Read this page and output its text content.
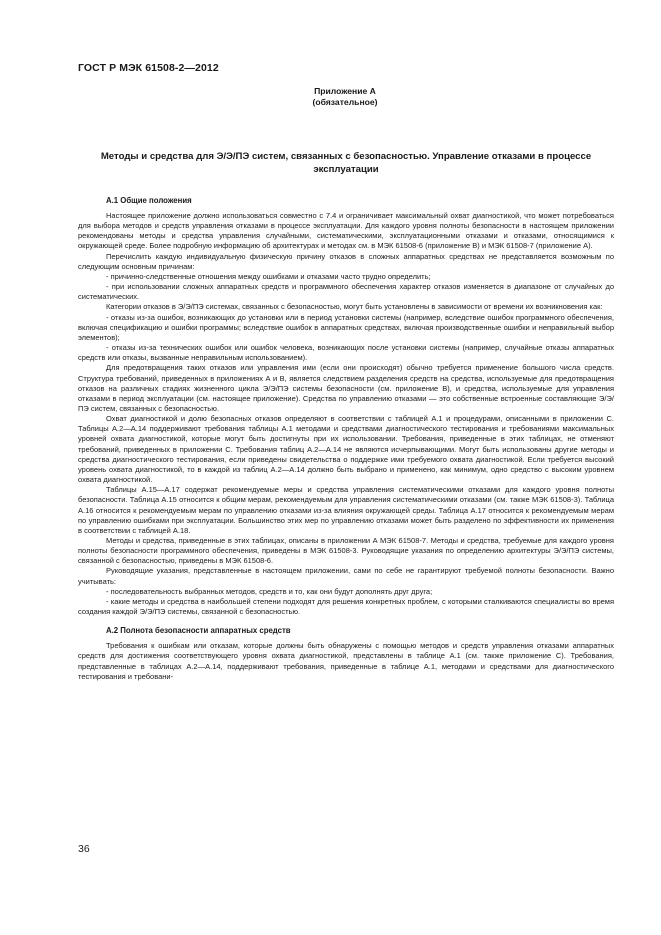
ГОСТ Р МЭК 61508-2—2012
Приложение А
(обязательное)
Методы и средства для Э/Э/ПЭ систем, связанных с безопасностью. Управление отказами в процессе эксплуатации
А.1 Общие положения

Настоящее приложение должно использоваться совместно с 7.4 и ограничивает максимальный охват диагностикой, что может потребоваться для выбора методов и средств управления отказами в процессе эксплуатации. Для каждого уровня полноты безопасности в настоящем приложении рекомендованы методы и средства управления случайными, систематическими, эксплуатационными отказами и отказами, относящимися к окружающей среде. Более подробную информацию об архитектурах и методах см. в МЭК 61508-6 (приложение В) и МЭК 61508-7 (приложение А).

Перечислить каждую индивидуальную физическую причину отказов в сложных аппаратных средствах не представляется возможным по следующим основным причинам:

- причинно-следственные отношения между ошибками и отказами часто трудно определить;

- при использовании сложных аппаратных средств и программного обеспечения характер отказов изменяется в диапазоне от случайных до систематических.

Категории отказов в Э/Э/ПЭ системах, связанных с безопасностью, могут быть установлены в зависимости от времени их возникновения как:

- отказы из-за ошибок, возникающих до установки или в период установки системы (например, вследствие ошибок программного обеспечения, включая спецификацию и ошибки программы; вследствие ошибок в аппаратных средствах, включая производственные ошибки и неправильный выбор элементов);

- отказы из-за технических ошибок или ошибок человека, возникающих после установки системы (например, случайные отказы аппаратных средств или отказы, вызванные неправильным использованием).

Для предотвращения таких отказов или управления ими (если они происходят) обычно требуется применение большого числа средств. Структура требований, приведенных в приложениях А и В, является следствием разделения средств на средства, используемые для предотвращения отказов на различных стадиях жизненного цикла Э/Э/ПЭ системы безопасности (см. приложение В), и средства, используемые для управления отказами в период эксплуатации (см. настоящее приложение). Средства по управлению отказами — это собственные встроенные составляющие Э/Э/ПЭ систем, связанных с безопасностью.

Охват диагностикой и долю безопасных отказов определяют в соответствии с таблицей А.1 и процедурами, описанными в приложении С. Таблицы А.2—А.14 поддерживают требования таблицы А.1 методами и средствами диагностического тестирования и требованиями максимальных уровней охвата диагностикой, которые могут быть достигнуты при их использовании. Требования, приведенные в этих таблицах, не отменяют требований, приведенных в приложении С. Требования таблиц А.2—А.14 не являются исчерпывающими. Могут быть использованы другие методы и средства диагностического тестирования, если приведены свидетельства о поддержке ими требуемого охвата диагностикой. Если требуется высокий уровень охвата диагностикой, то в каждой из таблиц А.2—А.14 должно быть выбрано и применено, как минимум, одно средство с высоким уровнем охвата диагностикой.

Таблицы А.15—А.17 содержат рекомендуемые меры и средства управления систематическими отказами для каждого уровня полноты безопасности. Таблица А.15 относится к общим мерам, рекомендуемым для управления систематическими отказами (см. также МЭК 61508-3). Таблица А.16 относится к рекомендуемым мерам по управлению отказами из-за влияния окружающей среды. Таблица А.17 относится к рекомендуемым мерам по управлению ошибками при эксплуатации. Большинство этих мер по управлению отказами может быть разделено по эффективности их применения в соответствии с таблицей А.18.

Методы и средства, приведенные в этих таблицах, описаны в приложении А МЭК 61508-7. Методы и средства, требуемые для каждого уровня полноты безопасности программного обеспечения, приведены в МЭК 61508-3. Руководящие указания по определению архитектуры Э/Э/ПЭ системы, связанной с безопасностью, приведены в МЭК 61508-6.

Руководящие указания, представленные в настоящем приложении, сами по себе не гарантируют требуемой полноты безопасности. Важно учитывать:

- последовательность выбранных методов, средств и то, как они будут дополнять друг друга;

- какие методы и средства в наибольшей степени подходят для решения конкретных проблем, с которыми сталкиваются специалисты во время создания каждой Э/Э/ПЭ системы, связанной с безопасностью.

А.2 Полнота безопасности аппаратных средств

Требования к ошибкам или отказам, которые должны быть обнаружены с помощью методов и средств управления отказами аппаратных средств для достижения соответствующего уровня охвата диагностикой, представлены в таблице А.1 (см. также приложение С). Требования, представленные в таблицах А.2—А.14, поддерживают требования, приведенные в таблице А.1, методами и средствами для диагностического тестирования и требовани-

36
